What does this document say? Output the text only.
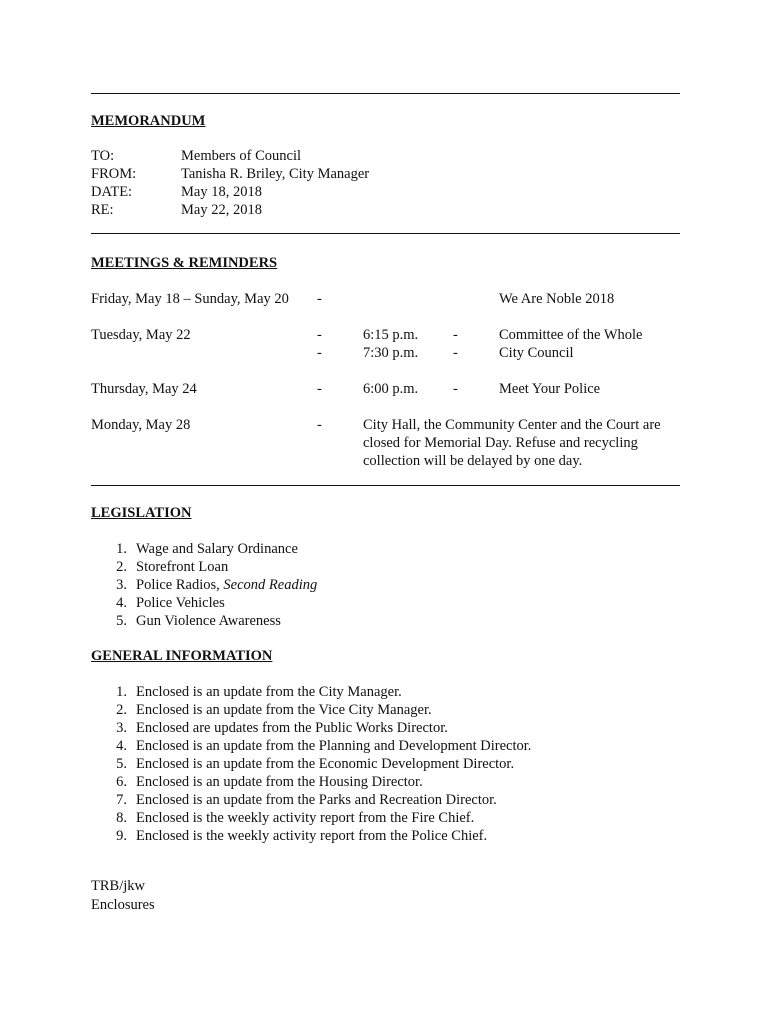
MEMORANDUM
TO:	Members of Council
FROM:	Tanisha R. Briley, City Manager
DATE:	May 18, 2018
RE:	May 22, 2018
MEETINGS & REMINDERS
Friday, May 18 – Sunday, May 20 -	We Are Noble 2018
Tuesday, May 22	-	6:15 p.m. -	Committee of the Whole
-	7:30 p.m. -	City Council
Thursday, May 24	-	6:00 p.m. -	Meet Your Police
Monday, May 28	-	City Hall, the Community Center and the Court are
closed for Memorial Day. Refuse and recycling
collection will be delayed by one day.
LEGISLATION
1. Wage and Salary Ordinance
2. Storefront Loan
3. Police Radios, Second Reading
4. Police Vehicles
5. Gun Violence Awareness
GENERAL INFORMATION
1. Enclosed is an update from the City Manager.
2. Enclosed is an update from the Vice City Manager.
3. Enclosed are updates from the Public Works Director.
4. Enclosed is an update from the Planning and Development Director.
5. Enclosed is an update from the Economic Development Director.
6. Enclosed is an update from the Housing Director.
7. Enclosed is an update from the Parks and Recreation Director.
8. Enclosed is the weekly activity report from the Fire Chief.
9. Enclosed is the weekly activity report from the Police Chief.
TRB/jkw
Enclosures
